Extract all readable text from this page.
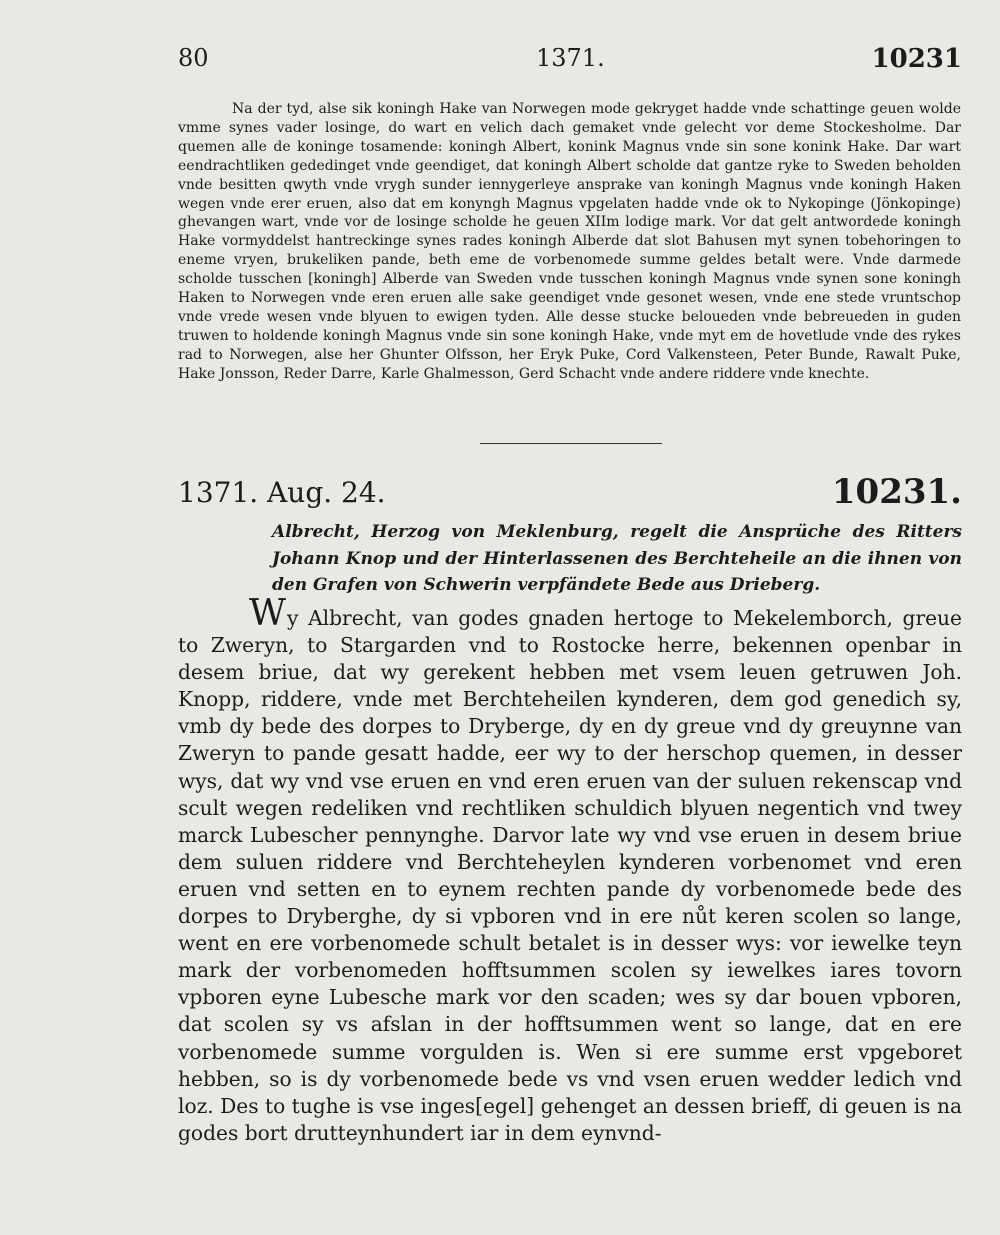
80	1371.	10231

Na der tyd, alse sik koningh Hake van Norwegen mode gekryget hadde vnde schattinge geuen wolde vmme synes vader losinge, do wart en velich dach gemaket vnde gelecht vor deme Stockesholme. Dar quemen alle de koninge tosamende: koningh Albert, konink Magnus vnde sin sone konink Hake. Dar wart eendrachtliken gededinget vnde geendiget, dat koningh Albert scholde dat gantze ryke to Sweden beholden vnde besitten qwyth vnde vrygh sunder iennygerleye ansprake van koningh Magnus vnde koningh Haken wegen vnde erer eruen, also dat em konyngh Magnus vpgelaten hadde vnde ok to Nykopinge (Jönkopinge) ghevangen wart, vnde vor de losinge scholde he geuen XIIm lodige mark. Vor dat gelt antwordede koningh Hake vormyddelst hantreckinge synes rades koningh Alberde dat slot Bahusen myt synen tobehoringen to eneme vryen, brukeliken pande, beth eme de vorbenomede summe geldes betalt were. Vnde darmede scholde tusschen [koningh] Alberde van Sweden vnde tusschen koningh Magnus vnde synen sone koningh Haken to Norwegen vnde eren eruen alle sake geendiget vnde gesonet wesen, vnde ene stede vruntschop vnde vrede wesen vnde blyuen to ewigen tyden. Alle desse stucke beloueden vnde bebreueden in guden truwen to holdende koningh Magnus vnde sin sone koningh Hake, vnde myt em de hovetlude vnde des rykes rad to Norwegen, alse her Ghunter Olfsson, her Eryk Puke, Cord Valkensteen, Peter Bunde, Rawalt Puke, Hake Jonsson, Reder Darre, Karle Ghalmesson, Gerd Schacht vnde andere riddere vnde knechte.

1371. Aug. 24.	10231.

Albrecht, Herzog von Meklenburg, regelt die Ansprüche des Ritters Johann Knop und der Hinterlassenen des Berchteheile an die ihnen von den Grafen von Schwerin verpfändete Bede aus Drieberg.

Wy Albrecht, van godes gnaden hertoge to Mekelemborch, greue to Zweryn, to Stargarden vnd to Rostocke herre, bekennen openbar in desem briue, dat wy gerekent hebben met vsem leuen getruwen Joh. Knopp, riddere, vnde met Berchteheilen kynderen, dem god genedich sy, vmb dy bede des dorpes to Dryberge, dy en dy greue vnd dy greuynne van Zweryn to pande gesatt hadde, eer wy to der herschop quemen, in desser wys, dat wy vnd vse eruen en vnd eren eruen van der suluen rekenscap vnd scult wegen redeliken vnd rechtliken schuldich blyuen negentich vnd twey marck Lubescher pennynghe. Darvor late wy vnd vse eruen in desem briue dem suluen riddere vnd Berchteheylen kynderen vorbenomet vnd eren eruen vnd setten en to eynem rechten pande dy vorbenomede bede des dorpes to Dryberghe, dy si vpboren vnd in ere nůt keren scolen so lange, went en ere vorbenomede schult betalet is in desser wys: vor iewelke teyn mark der vorbenomeden hofftsummen scolen sy iewelkes iares tovorn vpboren eyne Lubesche mark vor den scaden; wes sy dar bouen vpboren, dat scolen sy vs afslan in der hofftsummen went so lange, dat en ere vorbenomede summe vorgulden is. Wen si ere summe erst vpgeboret hebben, so is dy vorbenomede bede vs vnd vsen eruen wedder ledich vnd loz. Des to tughe is vse inges[egel] gehenget an dessen brieff, di geuen is na godes bort drutteynhundert iar in dem eynvnd-
